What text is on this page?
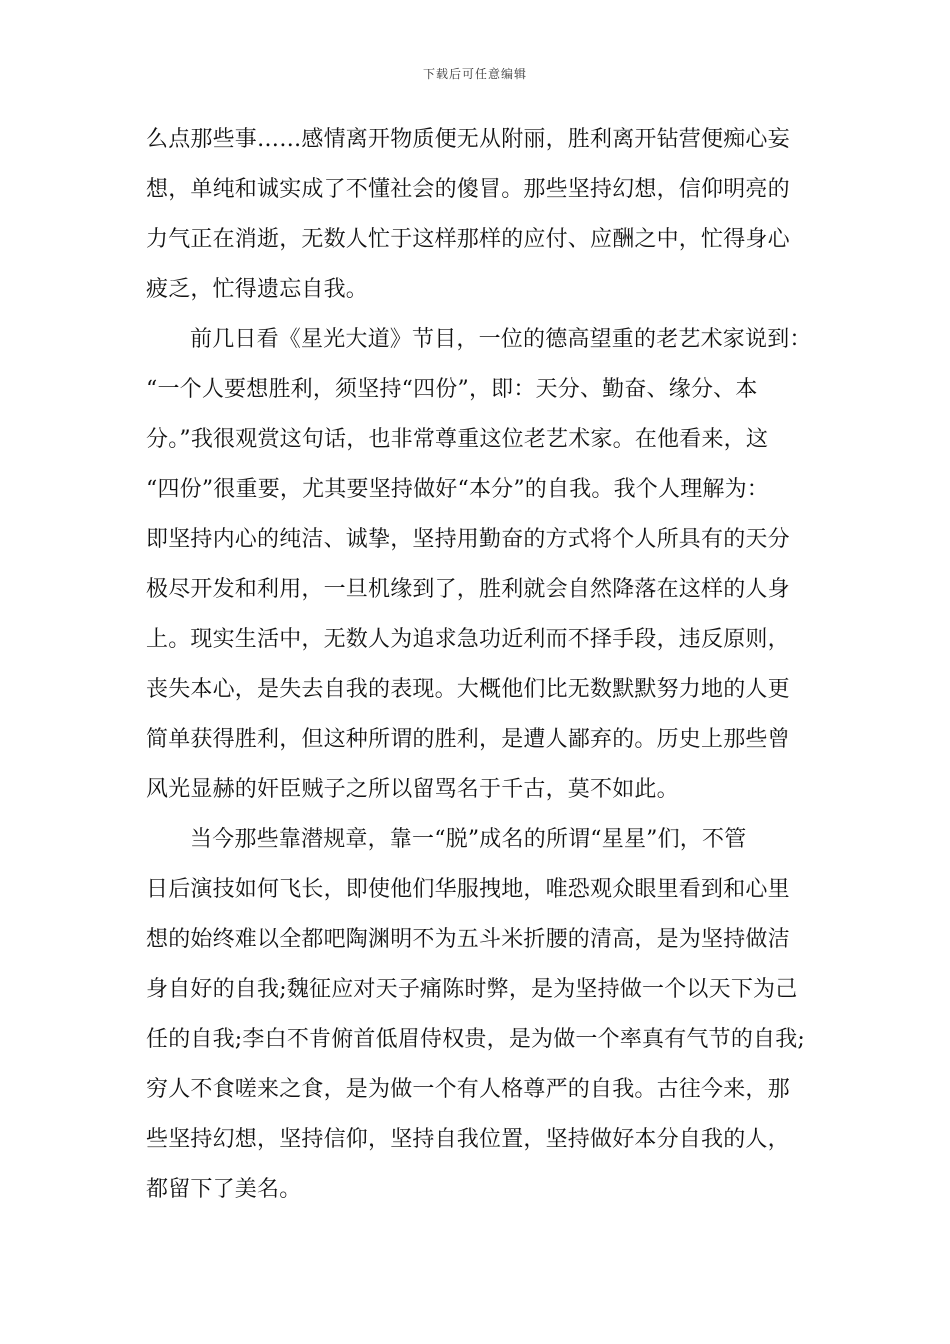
下载后可任意编辑
么点那些事……感情离开物质便无从附丽，胜利离开钻营便痴心妄
想，单纯和诚实成了不懂社会的傻冒。那些坚持幻想，信仰明亮的
力气正在消逝，无数人忙于这样那样的应付、应酬之中，忙得身心
疲乏，忙得遗忘自我。
前几日看《星光大道》节目，一位的德高望重的老艺术家说到：
“一个人要想胜利，须坚持“四份”，即：天分、勤奋、缘分、本
分。”我很观赏这句话，也非常尊重这位老艺术家。在他看来，这
“四份”很重要，尤其要坚持做好“本分”的自我。我个人理解为：
即坚持内心的纯洁、诚挚，坚持用勤奋的方式将个人所具有的天分
极尽开发和利用，一旦机缘到了，胜利就会自然降落在这样的人身
上。现实生活中，无数人为追求急功近利而不择手段，违反原则，
丧失本心，是失去自我的表现。大概他们比无数默默努力地的人更
简单获得胜利，但这种所谓的胜利，是遭人鄙弃的。历史上那些曾
风光显赫的奸臣贼子之所以留骂名于千古，莫不如此。
当今那些靠潜规章，靠一“脱”成名的所谓“星星”们，不管
日后演技如何飞长，即使他们华服拽地，唯恐观众眼里看到和心里
想的始终难以全都吧陶渊明不为五斗米折腰的清高，是为坚持做洁
身自好的自我;魏征应对天子痛陈时弊，是为坚持做一个以天下为己
任的自我;李白不肯俯首低眉侍权贵，是为做一个率真有气节的自我;
穷人不食嗟来之食，是为做一个有人格尊严的自我。古往今来，那
些坚持幻想，坚持信仰，坚持自我位置，坚持做好本分自我的人，
都留下了美名。
